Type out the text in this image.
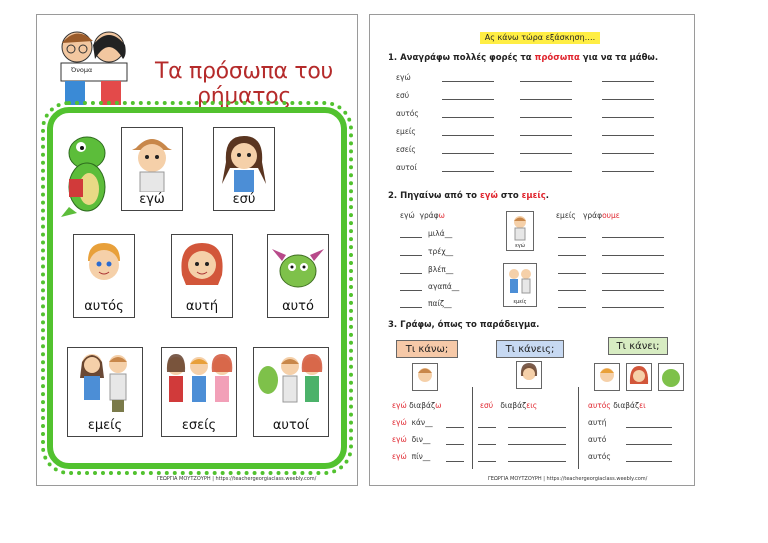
Όνομα	Τα πρόσωπα του ρήματος
εγώ	εσύ
αυτός	αυτή	αυτό
εμείς	εσείς	αυτοί
ΓΕΩΡΓΙΑ ΜΟΥΤΖΟΥΡΗ | https://teachergeorgiaclass.weebly.com/
Ας κάνω τώρα εξάσκηση….
1. Αναγράφω πολλές φορές τα πρόσωπα για να τα μάθω.
εγώ
εσύ
αυτός
εμείς
εσείς
αυτοί
2. Πηγαίνω από το εγώ στο εμείς.
εγώ γράφω	εμείς γράφουμε
μιλά__
τρέχ__
βλέπ__
αγαπά__
παίζ__
εγώ
εμείς
3. Γράφω, όπως το παράδειγμα.
Τι κάνω;	Τι κάνεις;	Τι κάνει;
εγώ διαβάζω
εγώ κάν__
εγώ διν__
εγώ πίν__
εσύ διαβάζεις	αυτός διαβάζει
αυτή
αυτό
αυτός
ΓΕΩΡΓΙΑ ΜΟΥΤΖΟΥΡΗ | https://teachergeorgiaclass.weebly.com/
